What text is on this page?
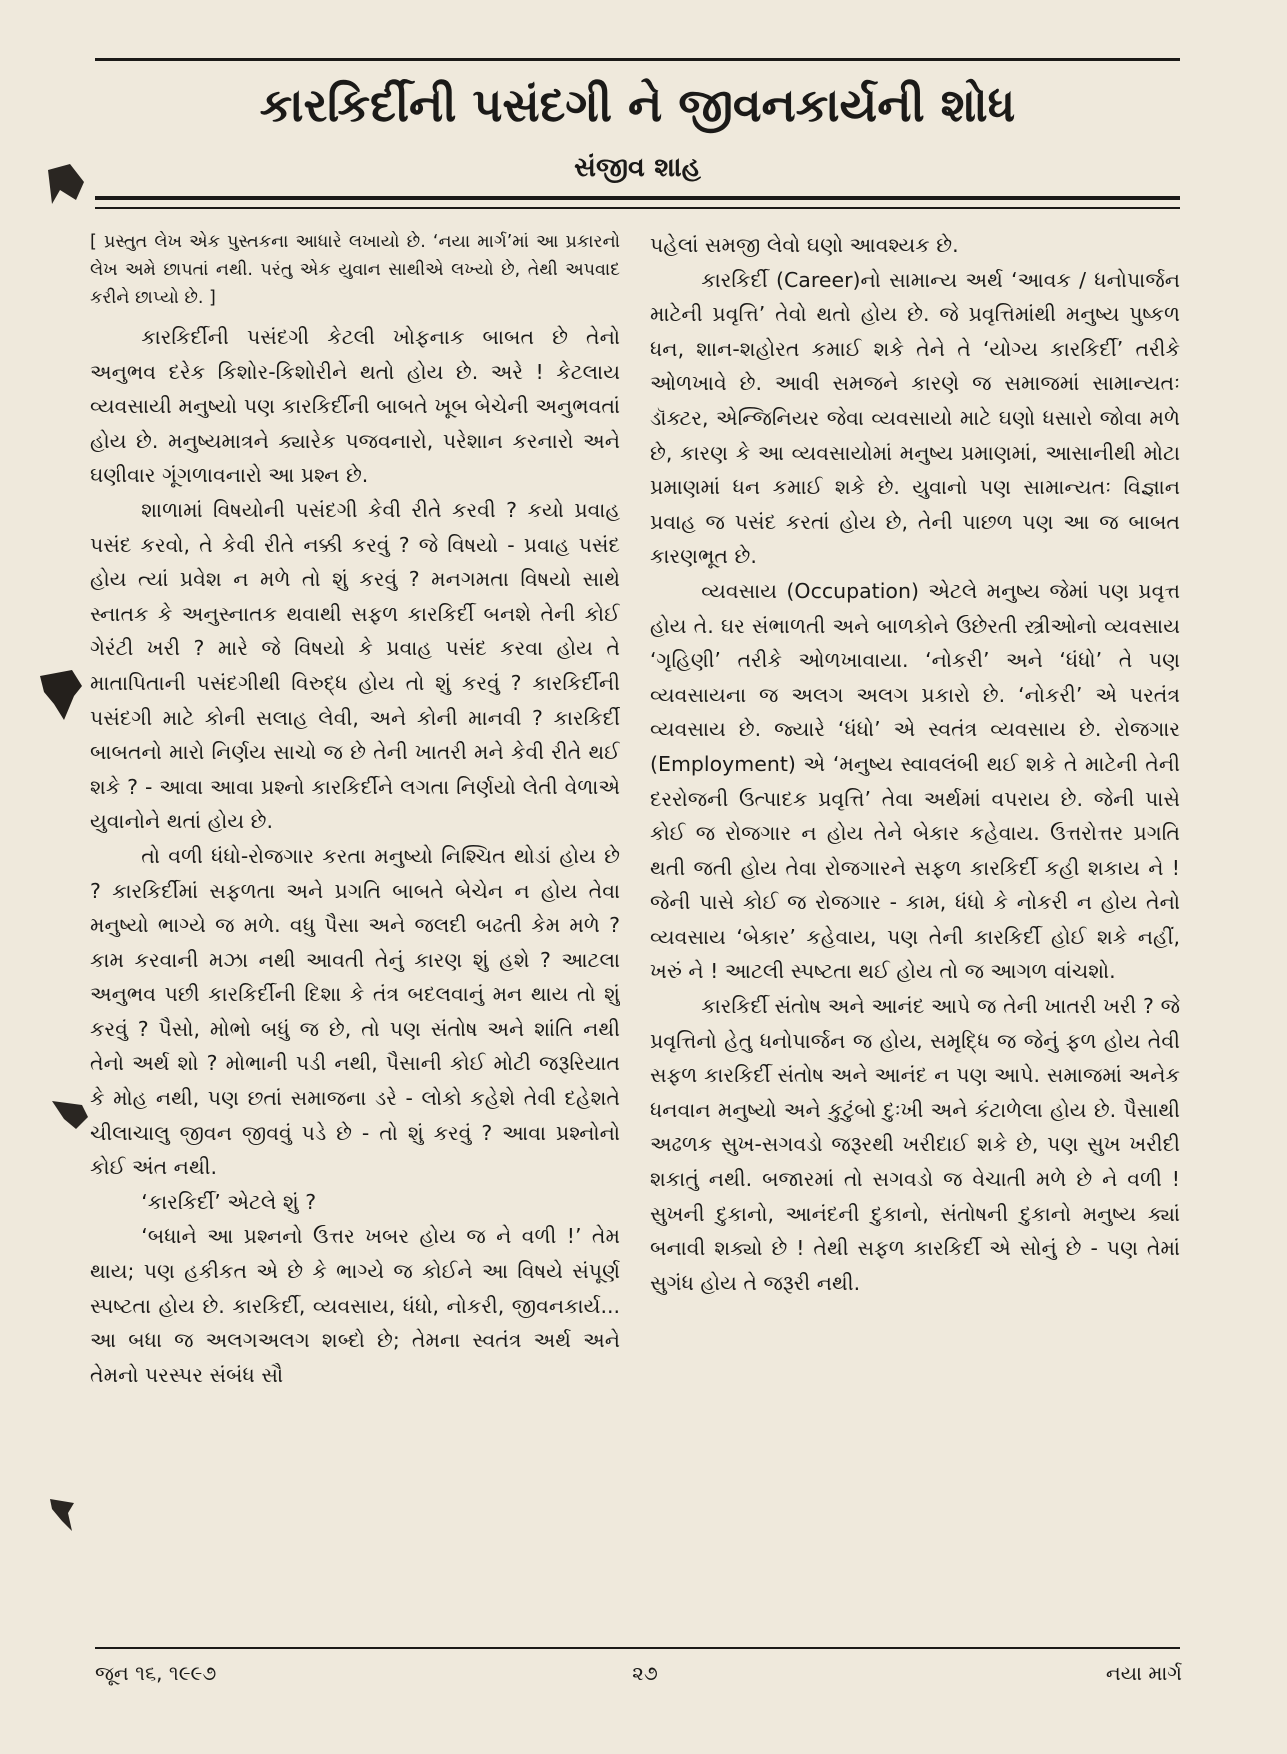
કારકિર્દીની પસંદગી ને જીવનકાર્યની શોધ
સંજીવ શાહ

[ પ્રસ્તુત લેખ એક પુસ્તકના આધારે લખાયો છે. ‘નયા માર્ગ’માં આ પ્રકારનો લેખ અમે છાપતાં નથી. પરંતુ એક યુવાન સાથીએ લખ્યો છે, તેથી અપવાદ કરીને છાપ્યો છે. ]

કારકિર્દીની પસંદગી કેટલી ખોફનાક બાબત છે તેનો અનુભવ દરેક કિશોર-કિશોરીને થતો હોય છે. અરે ! કેટલાય વ્યવસાયી મનુષ્યો પણ કારકિર્દીની બાબતે ખૂબ બેચેની અનુભવતાં હોય છે. મનુષ્યમાત્રને ક્યારેક પજવનારો, પરેશાન કરનારો અને ઘણીવાર ગૂંગળાવનારો આ પ્રશ્ન છે.

શાળામાં વિષયોની પસંદગી કેવી રીતે કરવી ? કયો પ્રવાહ પસંદ કરવો, તે કેવી રીતે નક્કી કરવું ? જે વિષયો - પ્રવાહ પસંદ હોય ત્યાં પ્રવેશ ન મળે તો શું કરવું ? મનગમતા વિષયો સાથે સ્નાતક કે અનુસ્નાતક થવાથી સફળ કારકિર્દી બનશે તેની કોઈ ગેરંટી ખરી ? મારે જે વિષયો કે પ્રવાહ પસંદ કરવા હોય તે માતાપિતાની પસંદગીથી વિરુદ્ધ હોય તો શું કરવું ? કારકિર્દીની પસંદગી માટે કોની સલાહ લેવી, અને કોની માનવી ? કારકિર્દી બાબતનો મારો નિર્ણય સાચો જ છે તેની ખાતરી મને કેવી રીતે થઈ શકે ? - આવા આવા પ્રશ્નો કારકિર્દીને લગતા નિર્ણયો લેતી વેળાએ યુવાનોને થતાં હોય છે.

તો વળી ધંધો-રોજગાર કરતા મનુષ્યો નિશ્ચિત થોડાં હોય છે ? કારકિર્દીમાં સફળતા અને પ્રગતિ બાબતે બેચેન ન હોય તેવા મનુષ્યો ભાગ્યે જ મળે. વધુ પૈસા અને જલદી બઢતી કેમ મળે ? કામ કરવાની મઝા નથી આવતી તેનું કારણ શું હશે ? આટલા અનુભવ પછી કારકિર્દીની દિશા કે તંત્ર બદલવાનું મન થાય તો શું કરવું ? પૈસો, મોભો બધું જ છે, તો પણ સંતોષ અને શાંતિ નથી તેનો અર્થ શો ? મોભાની પડી નથી, પૈસાની કોઈ મોટી જરૂરિયાત કે મોહ નથી, પણ છતાં સમાજના ડરે - લોકો કહેશે તેવી દહેશતે ચીલાચાલુ જીવન જીવવું પડે છે - તો શું કરવું ? આવા પ્રશ્નોનો કોઈ અંત નથી.

‘કારકિર્દી’ એટલે શું ?

‘બધાને આ પ્રશ્નનો ઉત્તર ખબર હોય જ ને વળી !’ તેમ થાય; પણ હકીકત એ છે કે ભાગ્યે જ કોઈને આ વિષયે સંપૂર્ણ સ્પષ્ટતા હોય છે. કારકિર્દી, વ્યવસાય, ધંધો, નોકરી, જીવનકાર્ય... આ બધા જ અલગઅલગ શબ્દો છે; તેમના સ્વતંત્ર અર્થ અને તેમનો પરસ્પર સંબંધ સૌ

પહેલાં સમજી લેવો ઘણો આવશ્યક છે.

કારકિર્દી (Career)નો સામાન્ય અર્થ ‘આવક / ધનોપાર્જન માટેની પ્રવૃત્તિ’ તેવો થતો હોય છે. જે પ્રવૃત્તિમાંથી મનુષ્ય પુષ્કળ ધન, શાન-શહોરત કમાઈ શકે તેને તે ‘યોગ્ય કારકિર્દી’ તરીકે ઓળખાવે છે. આવી સમજને કારણે જ સમાજમાં સામાન્યતઃ ડૉક્ટર, એન્જિનિયર જેવા વ્યવસાયો માટે ઘણો ધસારો જોવા મળે છે, કારણ કે આ વ્યવસાયોમાં મનુષ્ય પ્રમાણમાં, આસાનીથી મોટા પ્રમાણમાં ધન કમાઈ શકે છે. યુવાનો પણ સામાન્યતઃ વિજ્ઞાન પ્રવાહ જ પસંદ કરતાં હોય છે, તેની પાછળ પણ આ જ બાબત કારણભૂત છે.

વ્યવસાય (Occupation) એટલે મનુષ્ય જેમાં પણ પ્રવૃત્ત હોય તે. ઘર સંભાળતી અને બાળકોને ઉછેરતી સ્ત્રીઓનો વ્યવસાય ‘ગૃહિણી’ તરીકે ઓળખાવાયા. ‘નોકરી’ અને ‘ધંધો’ તે પણ વ્યવસાયના જ અલગ અલગ પ્રકારો છે. ‘નોકરી’ એ પરતંત્ર વ્યવસાય છે. જ્યારે ‘ધંધો’ એ સ્વતંત્ર વ્યવસાય છે. રોજગાર (Employment) એ ‘મનુષ્ય સ્વાવલંબી થઈ શકે તે માટેની તેની દરરોજની ઉત્પાદક પ્રવૃત્તિ’ તેવા અર્થમાં વપરાય છે. જેની પાસે કોઈ જ રોજગાર ન હોય તેને બેકાર કહેવાય. ઉત્તરોત્તર પ્રગતિ થતી જતી હોય તેવા રોજગારને સફળ કારકિર્દી કહી શકાય ને ! જેની પાસે કોઈ જ રોજગાર - કામ, ધંધો કે નોકરી ન હોય તેનો વ્યવસાય ‘બેકાર’ કહેવાય, પણ તેની કારકિર્દી હોઈ શકે નહીં, ખરું ને ! આટલી સ્પષ્ટતા થઈ હોય તો જ આગળ વાંચશો.

કારકિર્દી સંતોષ અને આનંદ આપે જ તેની ખાતરી ખરી ? જે પ્રવૃત્તિનો હેતુ ધનોપાર્જન જ હોય, સમૃદ્ધિ જ જેનું ફળ હોય તેવી સફળ કારકિર્દી સંતોષ અને આનંદ ન પણ આપે. સમાજમાં અનેક ધનવાન મનુષ્યો અને કુટુંબો દુઃખી અને કંટાળેલા હોય છે. પૈસાથી અઢળક સુખ-સગવડો જરૂરથી ખરીદાઈ શકે છે, પણ સુખ ખરીદી શકાતું નથી. બજારમાં તો સગવડો જ વેચાતી મળે છે ને વળી ! સુખની દુકાનો, આનંદની દુકાનો, સંતોષની દુકાનો મનુષ્ય ક્યાં બનાવી શક્યો છે ! તેથી સફળ કારકિર્દી એ સોનું છે - પણ તેમાં સુગંધ હોય તે જરૂરી નથી.

જૂન ૧૬, ૧૯૯૭	૨૭	નયા માર્ગ
